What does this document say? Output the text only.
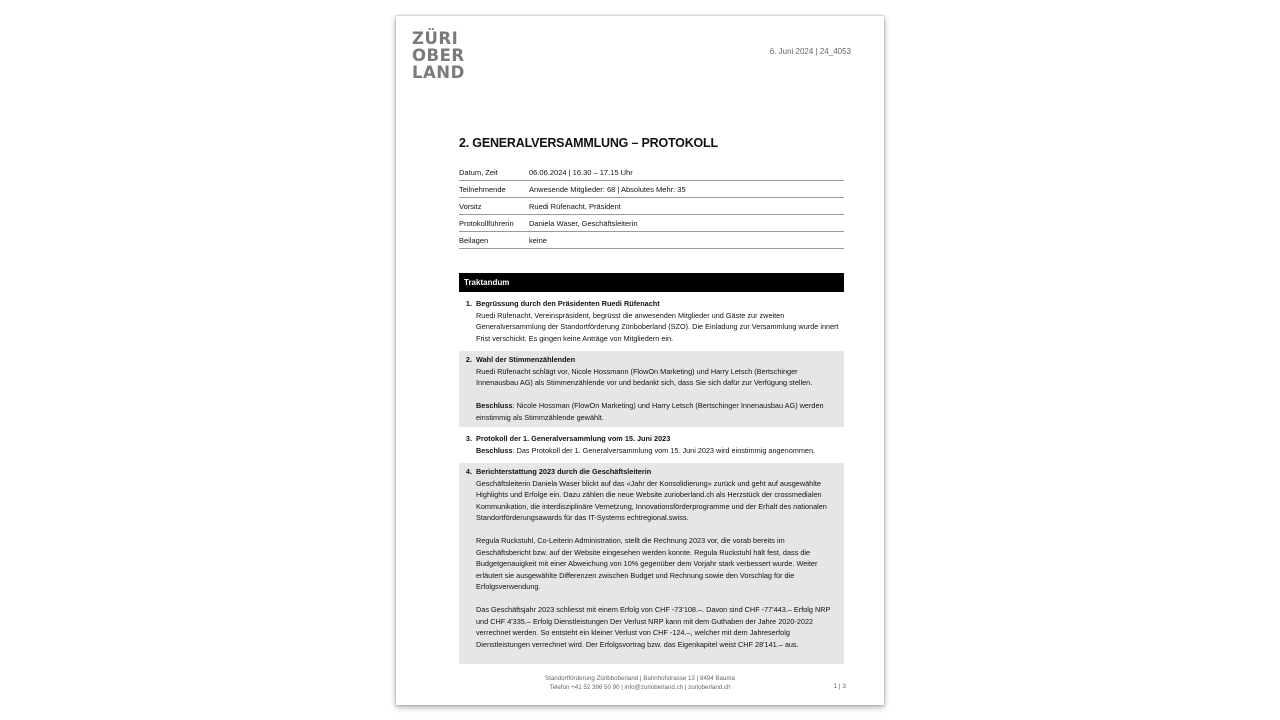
ZÜRI
OBER
LAND
6. Juni 2024 | 24_4053
2. GENERALVERSAMMLUNG – PROTOKOLL
Datum, Zeit	06.06.2024 | 16.30 – 17.15 Uhr
Teilnehmende	Anwesende Mitglieder: 68 | Absolutes Mehr: 35
Vorsitz	Ruedi Rüfenacht, Präsident
Protokollführerin	Daniela Waser, Geschäftsleiterin
Beilagen	keine
Traktandum
1. Begrüssung durch den Präsidenten Ruedi Rüfenacht

Ruedi Rüfenacht, Vereinspräsident, begrüsst die anwesenden Mitglieder und Gäste zur zweiten Generalversammlung der Standortförderung Züriboberland (SZO). Die Einladung zur Versammlung wurde innert Frist verschickt. Es gingen keine Anträge von Mitgliedern ein.

2. Wahl der Stimmenzählenden

Ruedi Rüfenacht schlägt vor, Nicole Hossmann (FlowOn Marketing) und Harry Letsch (Bertschinger Innenausbau AG) als Stimmenzählende vor und bedankt sich, dass Sie sich dafür zur Verfügung stellen.

Beschluss: Nicole Hossman (FlowOn Marketing) und Harry Letsch (Bertschinger Innenausbau AG) werden einstimmig als Stimmzählende gewählt.

3. Protokoll der 1. Generalversammlung vom 15. Juni 2023

Beschluss: Das Protokoll der 1. Generalversammlung vom 15. Juni 2023 wird einstimmig angenommen.

4. Berichterstattung 2023 durch die Geschäftsleiterin

Geschäftsleiterin Daniela Waser blickt auf das «Jahr der Konsolidierung» zurück und geht auf ausgewählte Highlights und Erfolge ein. Dazu zählen die neue Website zurioberland.ch als Herzstück der crossmedialen Kommunikation, die interdisziplinäre Vernetzung, Innovationsförderprogramme und der Erhalt des nationalen Standortförderungsawards für das IT-Systems echtregional.swiss.

Regula Ruckstuhl, Co-Leiterin Administration, stellt die Rechnung 2023 vor, die vorab bereits im Geschäftsbericht bzw. auf der Website eingesehen werden konnte. Regula Ruckstuhl hält fest, dass die Budgetgenauigkeit mit einer Abweichung von 10% gegenüber dem Vorjahr stark verbessert wurde. Weiter erläutert sie ausgewählte Differenzen zwischen Budget und Rechnung sowie den Vorschlag für die Erfolgsverwendung.

Das Geschäftsjahr 2023 schliesst mit einem Erfolg von CHF -73'108.–. Davon sind CHF -77'443.– Erfolg NRP und CHF 4'335.– Erfolg Dienstleistungen Der Verlust NRP kann mit dem Guthaben der Jahre 2020-2022 verrechnet werden. So entsteht ein kleiner Verlust von CHF -124.–, welcher mit dem Jahreserfolg Dienstleistungen verrechnet wird. Der Erfolgsvortrag bzw. das Eigenkapitel weist CHF 28'141.– aus.

Standortförderung Züribboberland | Bahnhofstrasse 13 | 8494 Bauma
Telefon +41 52 396 50 90 | info@zurioberland.ch | zurioberland.ch	1 | 3
